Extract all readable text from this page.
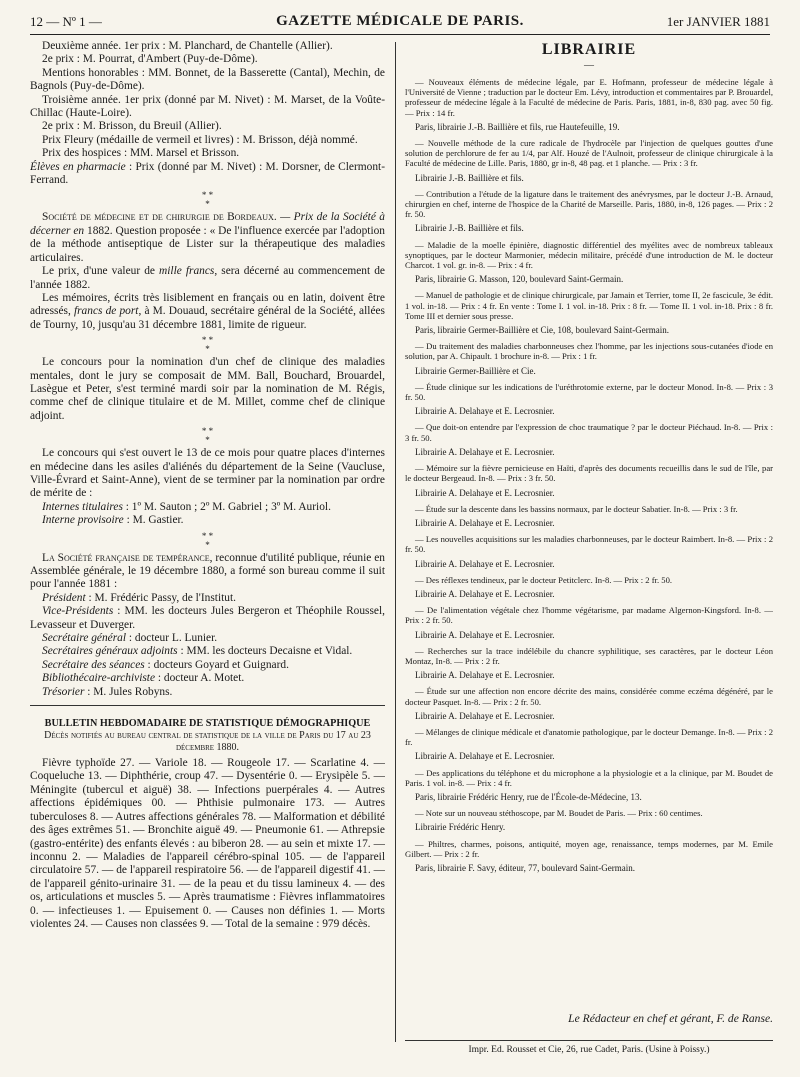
12 — Nº 1 —	GAZETTE MÉDICALE DE PARIS.	1er JANVIER 1881

Deuxième année. 1er prix : M. Planchard, de Chantelle (Allier).

2e prix : M. Pourrat, d'Ambert (Puy-de-Dôme).

Mentions honorables : MM. Bonnet, de la Basserette (Cantal), Mechin, de Bagnols (Puy-de-Dôme).

Troisième année. 1er prix (donné par M. Nivet) : M. Marset, de la Voûte-Chillac (Haute-Loire).

2e prix : M. Brisson, du Breuil (Allier).

Prix Fleury (médaille de vermeil et livres) : M. Brisson, déjà nommé.

Prix des hospices : MM. Marsel et Brisson.

Élèves en pharmacie : Prix (donné par M. Nivet) : M. Dorsner, de Clermont-Ferrand.

* *
*

Société de médecine et de chirurgie de Bordeaux. — Prix de la Société à décerner en 1882. Question proposée : « De l'influence exercée par l'adoption de la méthode antiseptique de Lister sur la thérapeutique des maladies articulaires.

Le prix, d'une valeur de mille francs, sera décerné au commencement de l'année 1882.

Les mémoires, écrits très lisiblement en français ou en latin, doivent être adressés, francs de port, à M. Douaud, secrétaire général de la Société, allées de Tourny, 10, jusqu'au 31 décembre 1881, limite de rigueur.

* *
*

Le concours pour la nomination d'un chef de clinique des maladies mentales, dont le jury se composait de MM. Ball, Bouchard, Brouardel, Lasègue et Peter, s'est terminé mardi soir par la nomination de M. Régis, comme chef de clinique titulaire et de M. Millet, comme chef de clinique adjoint.

* *
*

Le concours qui s'est ouvert le 13 de ce mois pour quatre places d'internes en médecine dans les asiles d'aliénés du département de la Seine (Vaucluse, Ville-Évrard et Saint-Anne), vient de se terminer par la nomination par ordre de mérite de :

Internes titulaires : 1º M. Sauton ; 2º M. Gabriel ; 3º M. Auriol.

Interne provisoire : M. Gastier.

* *
*

La Société française de tempérance, reconnue d'utilité publique, réunie en Assemblée générale, le 19 décembre 1880, a formé son bureau comme il suit pour l'année 1881 :

Président : M. Frédéric Passy, de l'Institut.

Vice-Présidents : MM. les docteurs Jules Bergeron et Théophile Roussel, Levasseur et Duverger.

Secrétaire général : docteur L. Lunier.

Secrétaires généraux adjoints : MM. les docteurs Decaisne et Vidal.

Secrétaire des séances : docteurs Goyard et Guignard.

Bibliothécaire-archiviste : docteur A. Motet.

Trésorier : M. Jules Robyns.

BULLETIN HEBDOMADAIRE DE STATISTIQUE DÉMOGRAPHIQUE
Décès notifiés au bureau central de statistique de la ville de Paris du 17 au 23 décembre 1880.

Fièvre typhoïde 27. — Variole 18. — Rougeole 17. — Scarlatine 4. — Coqueluche 13. — Diphthérie, croup 47. — Dysentérie 0. — Erysipèle 5. — Méningite (tubercul et aiguë) 38. — Infections puerpérales 4. — Autres affections épidémiques 00. — Phthisie pulmonaire 173. — Autres tuberculoses 8. — Autres affections générales 78. — Malformation et débilité des âges extrêmes 51. — Bronchite aiguë 49. — Pneumonie 61. — Athrepsie (gastro-entérite) des enfants élevés : au biberon 28. — au sein et mixte 17. — inconnu 2. — Maladies de l'appareil cérébro-spinal 105. — de l'appareil circulatoire 57. — de l'appareil respiratoire 56. — de l'appareil digestif 41. — de l'appareil génito-urinaire 31. — de la peau et du tissu lamineux 4. — des os, articulations et muscles 5. — Après traumatisme : Fièvres inflammatoires 0. — infectieuses 1. — Epuisement 0. — Causes non définies 1. — Morts violentes 24. — Causes non classées 9. — Total de la semaine : 979 décès.

LIBRAIRIE
—

— Nouveaux éléments de médecine légale, par E. Hofmann, professeur de médecine légale à l'Université de Vienne ; traduction par le docteur Em. Lévy, introduction et commentaires par P. Brouardel, professeur de médecine légale à la Faculté de médecine de Paris. Paris, 1881, in-8, 830 pag. avec 50 fig. — Prix : 14 fr.

Paris, librairie J.-B. Baillière et fils, rue Hautefeuille, 19.

— Nouvelle méthode de la cure radicale de l'hydrocèle par l'injection de quelques gouttes d'une solution de perchlorure de fer au 1/4, par Alf. Houzé de l'Aulnoit, professeur de clinique chirurgicale à la Faculté de médecine de Lille. Paris, 1880, gr in-8, 48 pag. et 1 planche. — Prix : 3 fr.

Librairie J.-B. Baillière et fils.

— Contribution a l'étude de la ligature dans le traitement des anévrysmes, par le docteur J.-B. Arnaud, chirurgien en chef, interne de l'hospice de la Charité de Marseille. Paris, 1880, in-8, 126 pages. — Prix : 2 fr. 50.

Librairie J.-B. Baillière et fils.

— Maladie de la moelle épinière, diagnostic différentiel des myélites avec de nombreux tableaux synoptiques, par le docteur Marmonier, médecin militaire, précédé d'une introduction de M. le docteur Charcot. 1 vol. gr. in-8. — Prix : 4 fr.

Paris, librairie G. Masson, 120, boulevard Saint-Germain.

— Manuel de pathologie et de clinique chirurgicale, par Jamain et Terrier, tome II, 2e fascicule, 3e édit. 1 vol. in-18. — Prix : 4 fr. En vente : Tome I. 1 vol. in-18. Prix : 8 fr. — Tome II. 1 vol. in-18. Prix : 8 fr. Tome III et dernier sous presse.

Paris, librairie Germer-Baillière et Cie, 108, boulevard Saint-Germain.

— Du traitement des maladies charbonneuses chez l'homme, par les injections sous-cutanées d'iode en solution, par A. Chipault. 1 brochure in-8. — Prix : 1 fr.

Librairie Germer-Baillière et Cie.

— Étude clinique sur les indications de l'uréthrotomie externe, par le docteur Monod. In-8. — Prix : 3 fr. 50.

Librairie A. Delahaye et E. Lecrosnier.

— Que doit-on entendre par l'expression de choc traumatique ? par le docteur Piéchaud. In-8. — Prix : 3 fr. 50.

Librairie A. Delahaye et E. Lecrosnier.

— Mémoire sur la fièvre pernicieuse en Haïti, d'après des documents recueillis dans le sud de l'île, par le docteur Bergeaud. In-8. — Prix : 3 fr. 50.

Librairie A. Delahaye et E. Lecrosnier.

— Étude sur la descente dans les bassins normaux, par le docteur Sabatier. In-8. — Prix : 3 fr.

Librairie A. Delahaye et E. Lecrosnier.

— Les nouvelles acquisitions sur les maladies charbonneuses, par le docteur Raimbert. In-8. — Prix : 2 fr. 50.

Librairie A. Delahaye et E. Lecrosnier.

— Des réflexes tendineux, par le docteur Petitclerc. In-8. — Prix : 2 fr. 50.

Librairie A. Delahaye et E. Lecrosnier.

— De l'alimentation végétale chez l'homme végétarisme, par madame Algernon-Kingsford. In-8. — Prix : 2 fr. 50.

Librairie A. Delahaye et E. Lecrosnier.

— Recherches sur la trace indélébile du chancre syphilitique, ses caractères, par le docteur Léon Montaz, In-8. — Prix : 2 fr.

Librairie A. Delahaye et E. Lecrosnier.

— Étude sur une affection non encore décrite des mains, considérée comme eczéma dégénéré, par le docteur Pasquet. In-8. — Prix : 2 fr. 50.

Librairie A. Delahaye et E. Lecrosnier.

— Mélanges de clinique médicale et d'anatomie pathologique, par le docteur Demange. In-8. — Prix : 2 fr.

Librairie A. Delahaye et E. Lecrosnier.

— Des applications du téléphone et du microphone a la physiologie et a la clinique, par M. Boudet de Paris. 1 vol. in-8. — Prix : 4 fr.

Paris, librairie Frédéric Henry, rue de l'École-de-Médecine, 13.

— Note sur un nouveau stéthoscope, par M. Boudet de Paris. — Prix : 60 centimes.

Librairie Frédéric Henry.

— Philtres, charmes, poisons, antiquité, moyen age, renaissance, temps modernes, par M. Emile Gilbert. — Prix : 2 fr.

Paris, librairie F. Savy, éditeur, 77, boulevard Saint-Germain.

Le Rédacteur en chef et gérant, F. de Ranse.
Impr. Ed. Rousset et Cie, 26, rue Cadet, Paris. (Usine à Poissy.)
